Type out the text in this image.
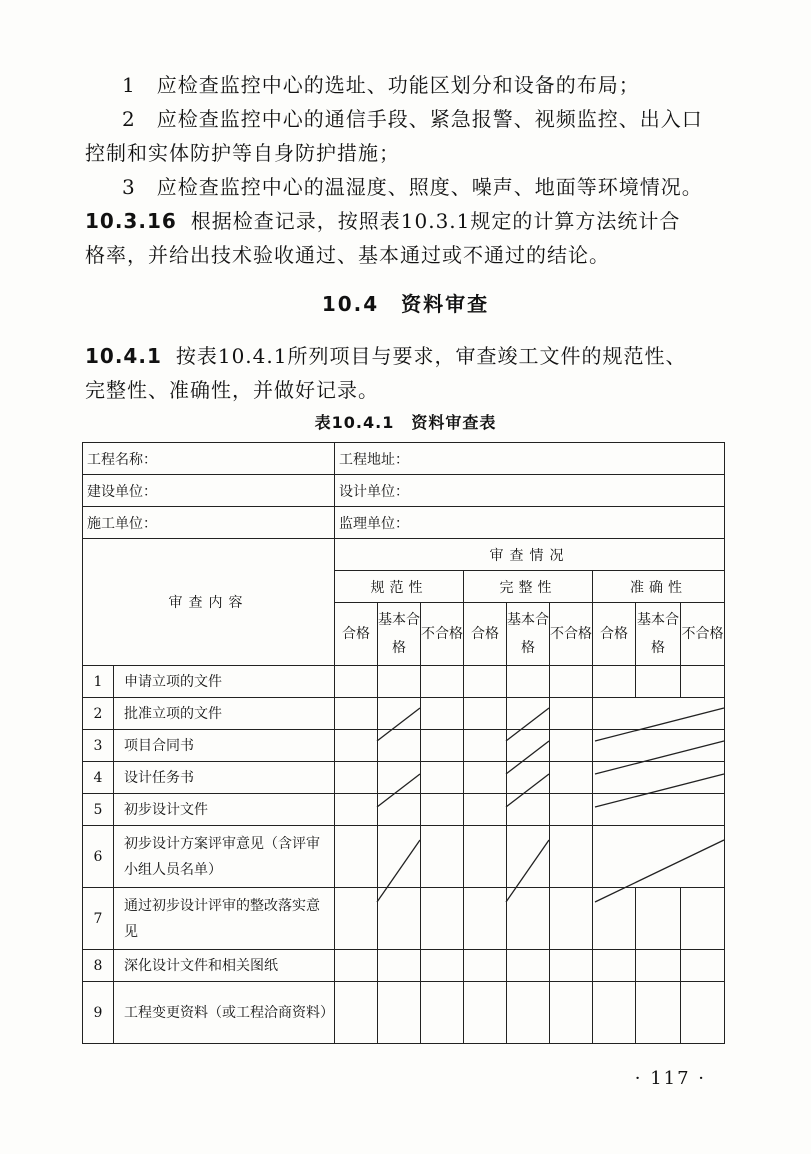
1　应检查监控中心的选址、功能区划分和设备的布局；
2　应检查监控中心的通信手段、紧急报警、视频监控、出入口
控制和实体防护等自身防护措施；
3　应检查监控中心的温湿度、照度、噪声、地面等环境情况。
10.3.16 根据检查记录，按照表10.3.1规定的计算方法统计合
格率，并给出技术验收通过、基本通过或不通过的结论。
10.4　资料审查
10.4.1 按表10.4.1所列项目与要求，审查竣工文件的规范性、
完整性、准确性，并做好记录。
表10.4.1　资料审查表
工程名称：		工程地址：								
建设单位：		设计单位：								
施工单位：		监理单位：								
审查内容		审查情况								
		规范性			完整性			准确性		
		合格	基本合格	不合格	合格	基本合格	不合格	合格	基本合格	不合格
1	申请立项的文件									
2	批准立项的文件									
3	项目合同书									
4	设计任务书									
5	初步设计文件									
6	初步设计方案评审意见（含评审小组人员名单）									
7	通过初步设计评审的整改落实意见									
8	深化设计文件和相关图纸									
9	工程变更资料（或工程洽商资料）									
· 117 ·
